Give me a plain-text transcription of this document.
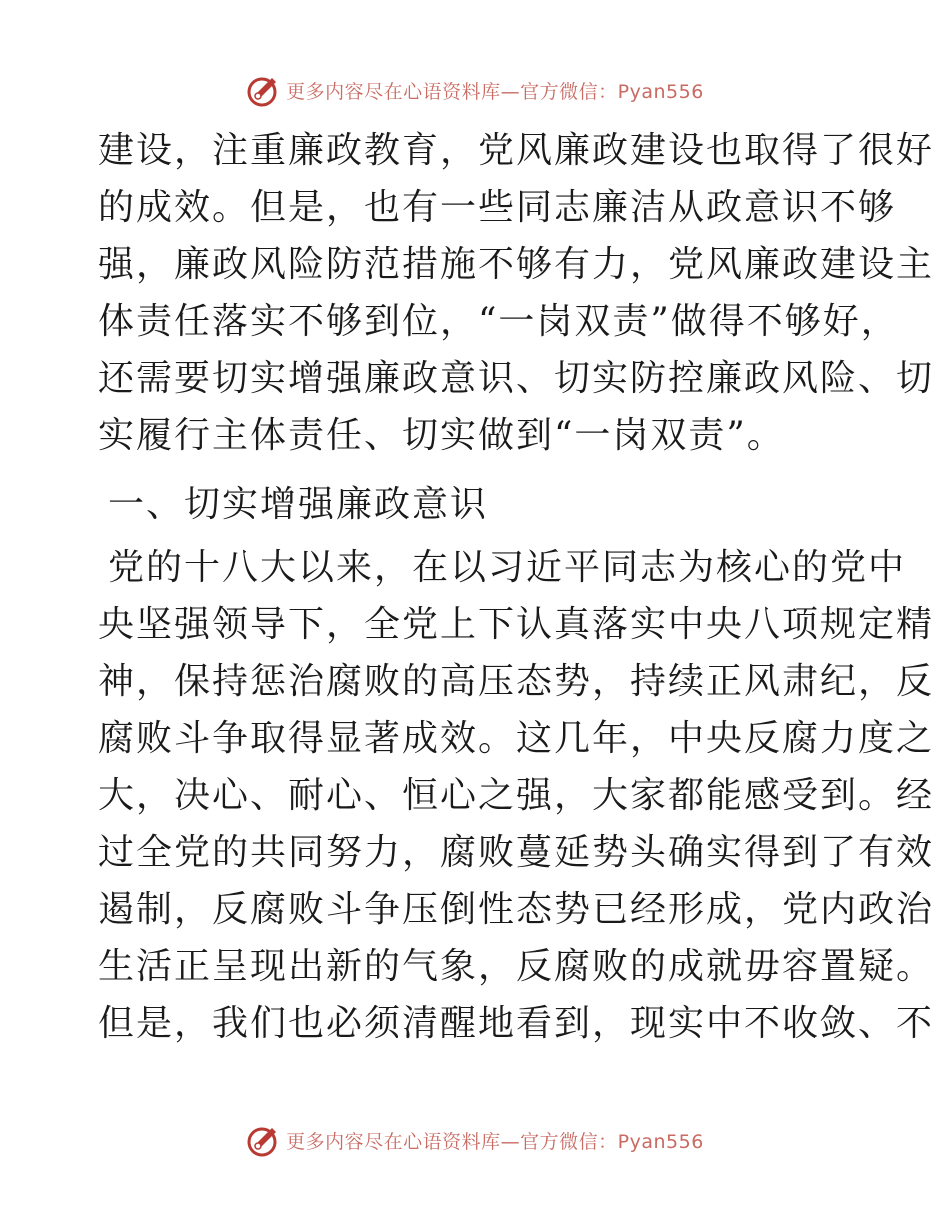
更多内容尽在心语资料库—官方微信：Pyan556
建设，注重廉政教育，党风廉政建设也取得了很好
的成效。但是，也有一些同志廉洁从政意识不够
强，廉政风险防范措施不够有力，党风廉政建设主
体责任落实不够到位，“一岗双责”做得不够好，
还需要切实增强廉政意识、切实防控廉政风险、切
实履行主体责任、切实做到“一岗双责”。
一、切实增强廉政意识
党的十八大以来，在以习近平同志为核心的党中
央坚强领导下，全党上下认真落实中央八项规定精
神，保持惩治腐败的高压态势，持续正风肃纪，反
腐败斗争取得显著成效。这几年，中央反腐力度之
大，决心、耐心、恒心之强，大家都能感受到。经
过全党的共同努力，腐败蔓延势头确实得到了有效
遏制，反腐败斗争压倒性态势已经形成，党内政治
生活正呈现出新的气象，反腐败的成就毋容置疑。
但是，我们也必须清醒地看到，现实中不收敛、不
更多内容尽在心语资料库—官方微信：Pyan556
